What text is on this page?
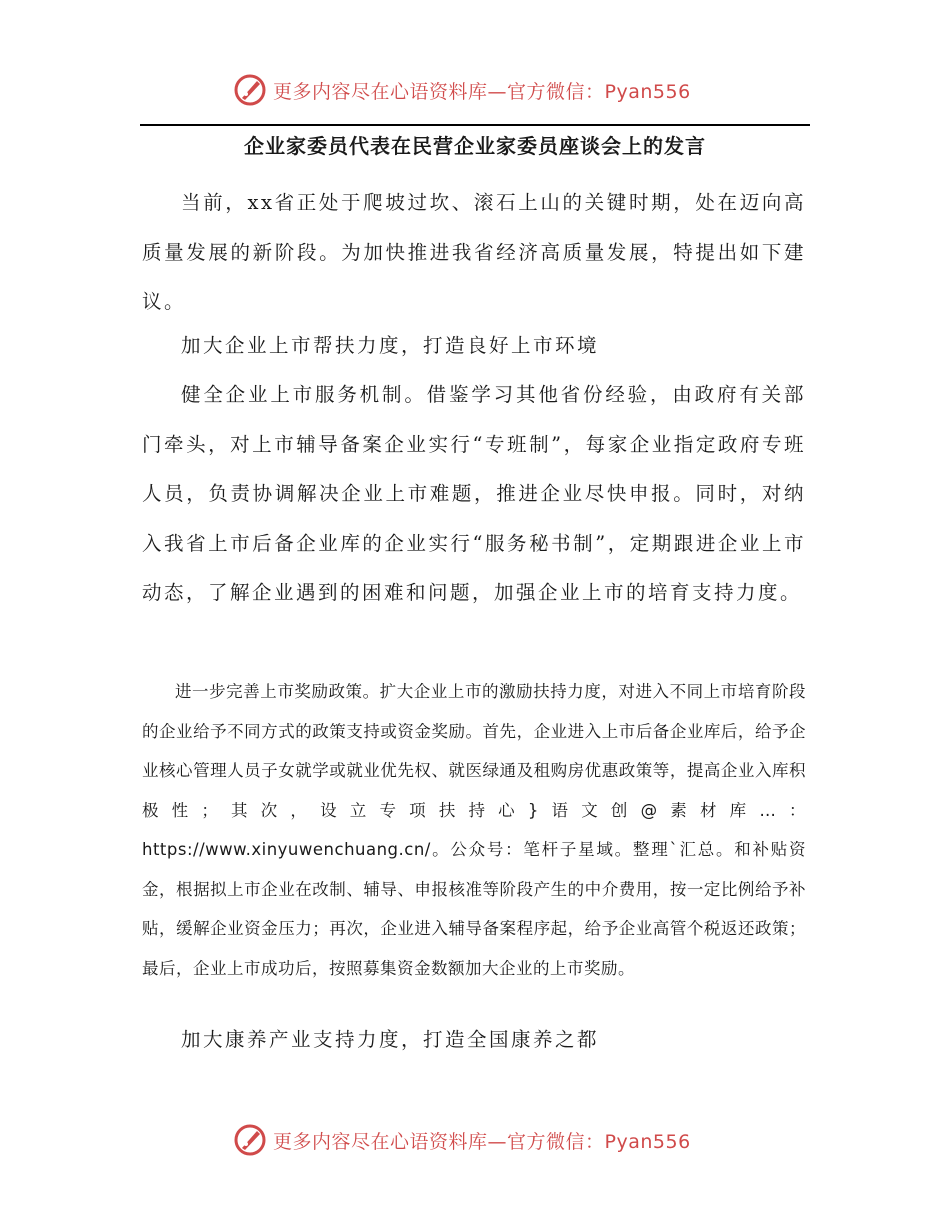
更多内容尽在心语资料库—官方微信：Pyan556
企业家委员代表在民营企业家委员座谈会上的发言

当前，xx省正处于爬坡过坎、滚石上山的关键时期，处在迈向高质量发展的新阶段。为加快推进我省经济高质量发展，特提出如下建议。

加大企业上市帮扶力度，打造良好上市环境

健全企业上市服务机制。借鉴学习其他省份经验，由政府有关部门牵头，对上市辅导备案企业实行“专班制”，每家企业指定政府专班人员，负责协调解决企业上市难题，推进企业尽快申报。同时，对纳入我省上市后备企业库的企业实行“服务秘书制”，定期跟进企业上市动态，了解企业遇到的困难和问题，加强企业上市的培育支持力度。

进一步完善上市奖励政策。扩大企业上市的激励扶持力度，对进入不同上市培育阶段的企业给予不同方式的政策支持或资金奖励。首先，企业进入上市后备企业库后，给予企业核心管理人员子女就学或就业优先权、就医绿通及租购房优惠政策等，提高企业入库积极性；其次，设立专项扶持心}语文创@素材库…：https://www.xinyuwenchuang.cn/。公众号：笔杆子星域。整理`汇总。和补贴资金，根据拟上市企业在改制、辅导、申报核准等阶段产生的中介费用，按一定比例给予补贴，缓解企业资金压力；再次，企业进入辅导备案程序起，给予企业高管个税返还政策；最后，企业上市成功后，按照募集资金数额加大企业的上市奖励。

加大康养产业支持力度，打造全国康养之都

更多内容尽在心语资料库—官方微信：Pyan556
